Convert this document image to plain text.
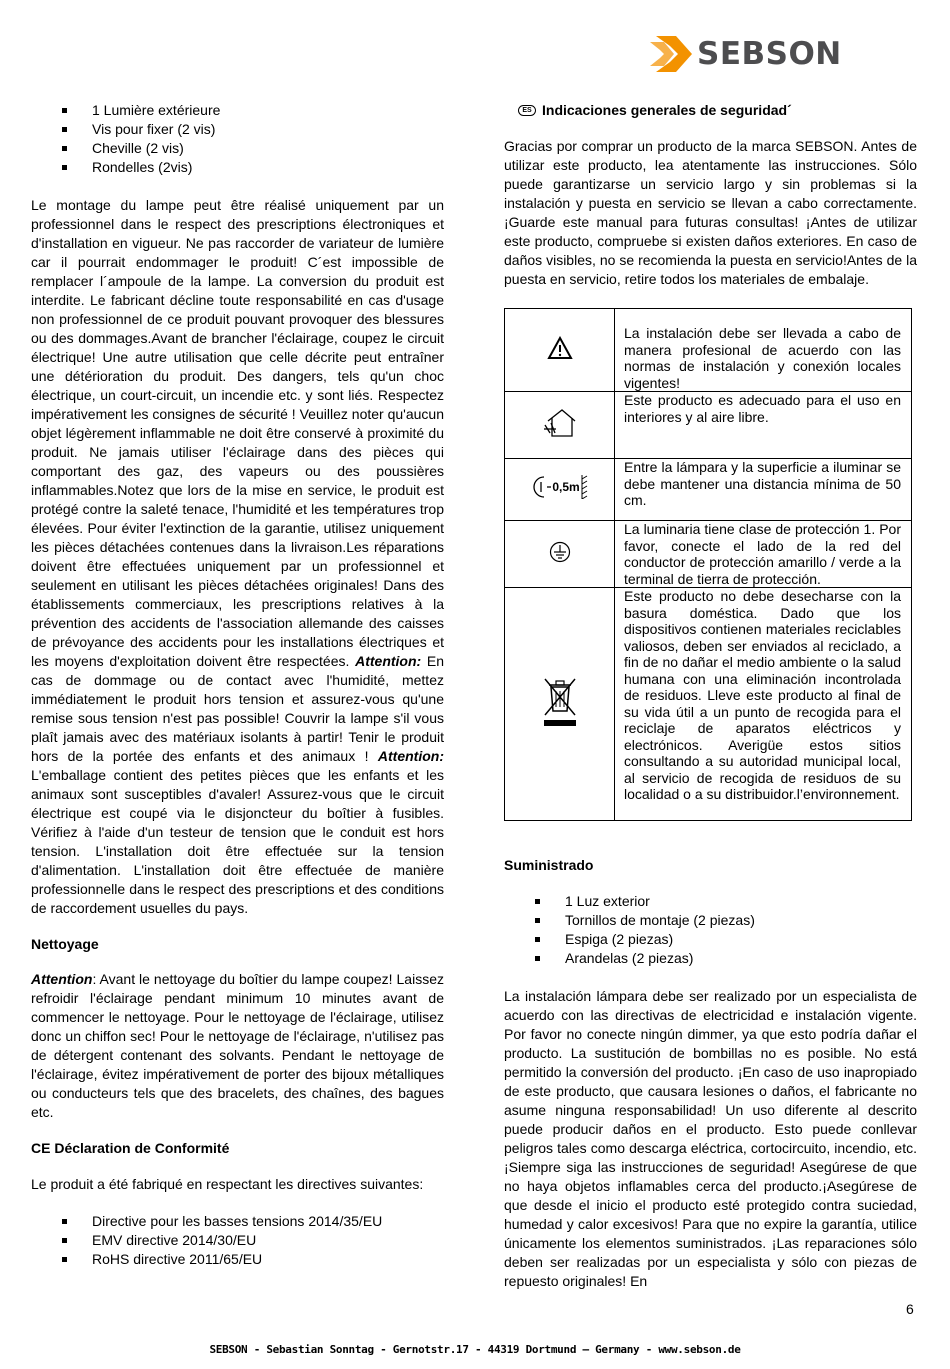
SEBSON
1 Lumière extérieure
Vis pour fixer (2 vis)
Cheville (2 vis)
Rondelles (2vis)

Le montage du lampe peut être réalisé uniquement par un professionnel dans le respect des prescriptions électroniques et d'installation en vigueur. Ne pas raccorder de variateur de lumière car il pourrait endommager le produit! C´est impossible de remplacer l´ampoule de la lampe. La conversion du produit est interdite. Le fabricant décline toute responsabilité en cas d'usage non professionnel de ce produit pouvant provoquer des blessures ou des dommages.Avant de brancher l'éclairage, coupez le circuit électrique! Une autre utilisation que celle décrite peut entraîner une détérioration du produit. Des dangers, tels qu'un choc électrique, un court-circuit, un incendie etc. y sont liés. Respectez impérativement les consignes de sécurité ! Veuillez noter qu'aucun objet légèrement inflammable ne doit être conservé à proximité du produit. Ne jamais utiliser l'éclairage dans des pièces qui comportant des gaz, des vapeurs ou des poussières inflammables.Notez que lors de la mise en service, le produit est protégé contre la saleté tenace, l'humidité et les températures trop élevées. Pour éviter l'extinction de la garantie, utilisez uniquement les pièces détachées contenues dans la livraison.Les réparations doivent être effectuées uniquement par un professionnel et seulement en utilisant les pièces détachées originales! Dans des établissements commerciaux, les prescriptions relatives à la prévention des accidents de l'association allemande des caisses de prévoyance des accidents pour les installations électriques et les moyens d'exploitation doivent être respectées. Attention: En cas de dommage ou de contact avec l'humidité, mettez immédiatement le produit hors tension et assurez-vous qu'une remise sous tension n'est pas possible! Couvrir la lampe s'il vous plaît jamais avec des matériaux isolants à partir! Tenir le produit hors de la portée des enfants et des animaux ! Attention: L'emballage contient des petites pièces que les enfants et les animaux sont susceptibles d'avaler! Assurez-vous que le circuit électrique est coupé via le disjoncteur du boîtier à fusibles. Vérifiez à l'aide d'un testeur de tension que le conduit est hors tension. L'installation doit être effectuée sur la tension d'alimentation. L'installation doit être effectuée de manière professionnelle dans le respect des prescriptions et des conditions de raccordement usuelles du pays.

Nettoyage

Attention: Avant le nettoyage du boîtier du lampe coupez! Laissez refroidir l'éclairage pendant minimum 10 minutes avant de commencer le nettoyage. Pour le nettoyage de l'éclairage, utilisez donc un chiffon sec! Pour le nettoyage de l'éclairage, n'utilisez pas de détergent contenant des solvants. Pendant le nettoyage de l'éclairage, évitez impérativement de porter des bijoux métalliques ou conducteurs tels que des bracelets, des chaînes, des bagues etc.

CE Déclaration de Conformité

Le produit a été fabriqué en respectant les directives suivantes:

Directive pour les basses tensions 2014/35/EU
EMV directive 2014/30/EU
RoHS directive 2011/65/EU
ES Indicaciones generales de seguridad´

Gracias por comprar un producto de la marca SEBSON. Antes de utilizar este producto, lea atentamente las instrucciones. Sólo puede garantizarse un servicio largo y sin problemas si la instalación y puesta en servicio se llevan a cabo correctamente. ¡Guarde este manual para futuras consultas! ¡Antes de utilizar este producto, compruebe si existen daños exteriores. En caso de daños visibles, no se recomienda la puesta en servicio!Antes de la puesta en servicio, retire todos los materiales de embalaje.

	La instalación debe ser llevada a cabo de manera profesional de acuerdo con las normas de instalación y conexión locales vigentes!
	Este producto es adecuado para el uso en interiores y al aire libre.

0,5m	Entre la lámpara y la superficie a iluminar se debe mantener una distancia mínima de 50 cm.
	La luminaria tiene clase de protección 1. Por favor, conecte el lado de la red del conductor de protección amarillo / verde a la terminal de tierra de protección.
	Este producto no debe desecharse con la basura doméstica. Dado que los dispositivos contienen materiales reciclables valiosos, deben ser enviados al reciclado, a fin de no dañar el medio ambiente o la salud humana con una eliminación incontrolada de residuos. Lleve este producto al final de su vida útil a un punto de recogida para el reciclaje de aparatos eléctricos y electrónicos. Averigüe estos sitios consultando a su autoridad municipal local, al servicio de recogida de residuos de su localidad o a su distribuidor.l’environnement.
Suministrado
1 Luz exterior
Tornillos de montaje (2 piezas)
Espiga (2 piezas)
Arandelas (2 piezas)

La instalación lámpara debe ser realizado por un especialista de acuerdo con las directivas de electricidad e instalación vigente. Por favor no conecte ningún dimmer, ya que esto podría dañar el producto. La sustitución de bombillas no es posible. No está permitido la conversión del producto. ¡En caso de uso inapropiado de este producto, que causara lesiones o daños, el fabricante no asume ninguna responsabilidad! Un uso diferente al descrito puede producir daños en el producto. Esto puede conllevar peligros tales como descarga eléctrica, cortocircuito, incendio, etc. ¡Siempre siga las instrucciones de seguridad! Asegúrese de que no haya objetos inflamables cerca del producto.¡Asegúrese de que desde el inicio el producto esté protegido contra suciedad, humedad y calor excesivos! Para que no expire la garantía, utilice únicamente los elementos suministrados. ¡Las reparaciones sólo deben ser realizadas por un especialista y sólo con piezas de repuesto originales! En

6
SEBSON - Sebastian Sonntag - Gernotstr.17 - 44319 Dortmund – Germany - www.sebson.de
